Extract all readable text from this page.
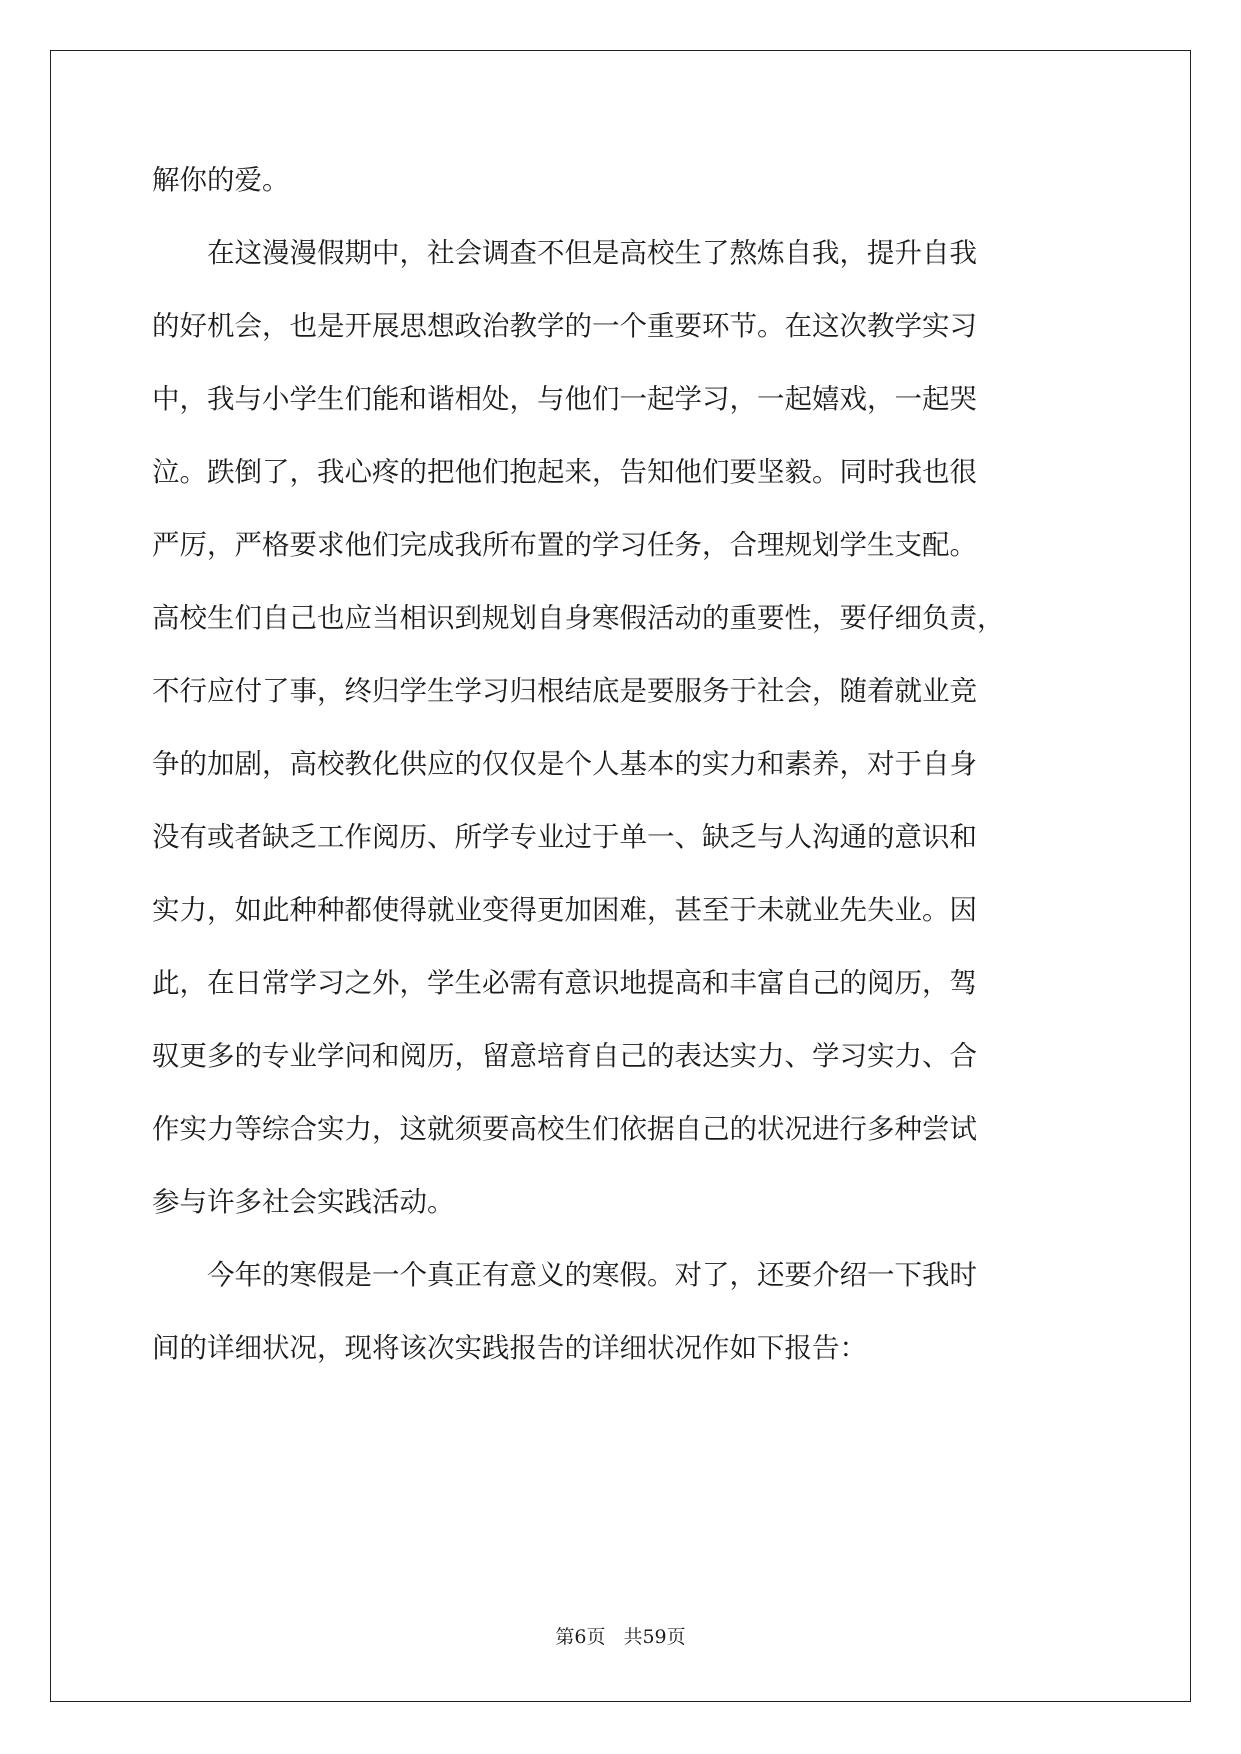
解你的爱。
　　在这漫漫假期中，社会调查不但是高校生了熬炼自我，提升自我
的好机会，也是开展思想政治教学的一个重要环节。在这次教学实习
中，我与小学生们能和谐相处，与他们一起学习，一起嬉戏，一起哭
泣。跌倒了，我心疼的把他们抱起来，告知他们要坚毅。同时我也很
严厉，严格要求他们完成我所布置的学习任务，合理规划学生支配。
高校生们自己也应当相识到规划自身寒假活动的重要性，要仔细负责，
不行应付了事，终归学生学习归根结底是要服务于社会，随着就业竞
争的加剧，高校教化供应的仅仅是个人基本的实力和素养，对于自身
没有或者缺乏工作阅历、所学专业过于单一、缺乏与人沟通的意识和
实力，如此种种都使得就业变得更加困难，甚至于未就业先失业。因
此，在日常学习之外，学生必需有意识地提高和丰富自己的阅历，驾
驭更多的专业学问和阅历，留意培育自己的表达实力、学习实力、合
作实力等综合实力，这就须要高校生们依据自己的状况进行多种尝试
参与许多社会实践活动。
　　今年的寒假是一个真正有意义的寒假。对了，还要介绍一下我时
间的详细状况，现将该次实践报告的详细状况作如下报告：
第6页 共59页
